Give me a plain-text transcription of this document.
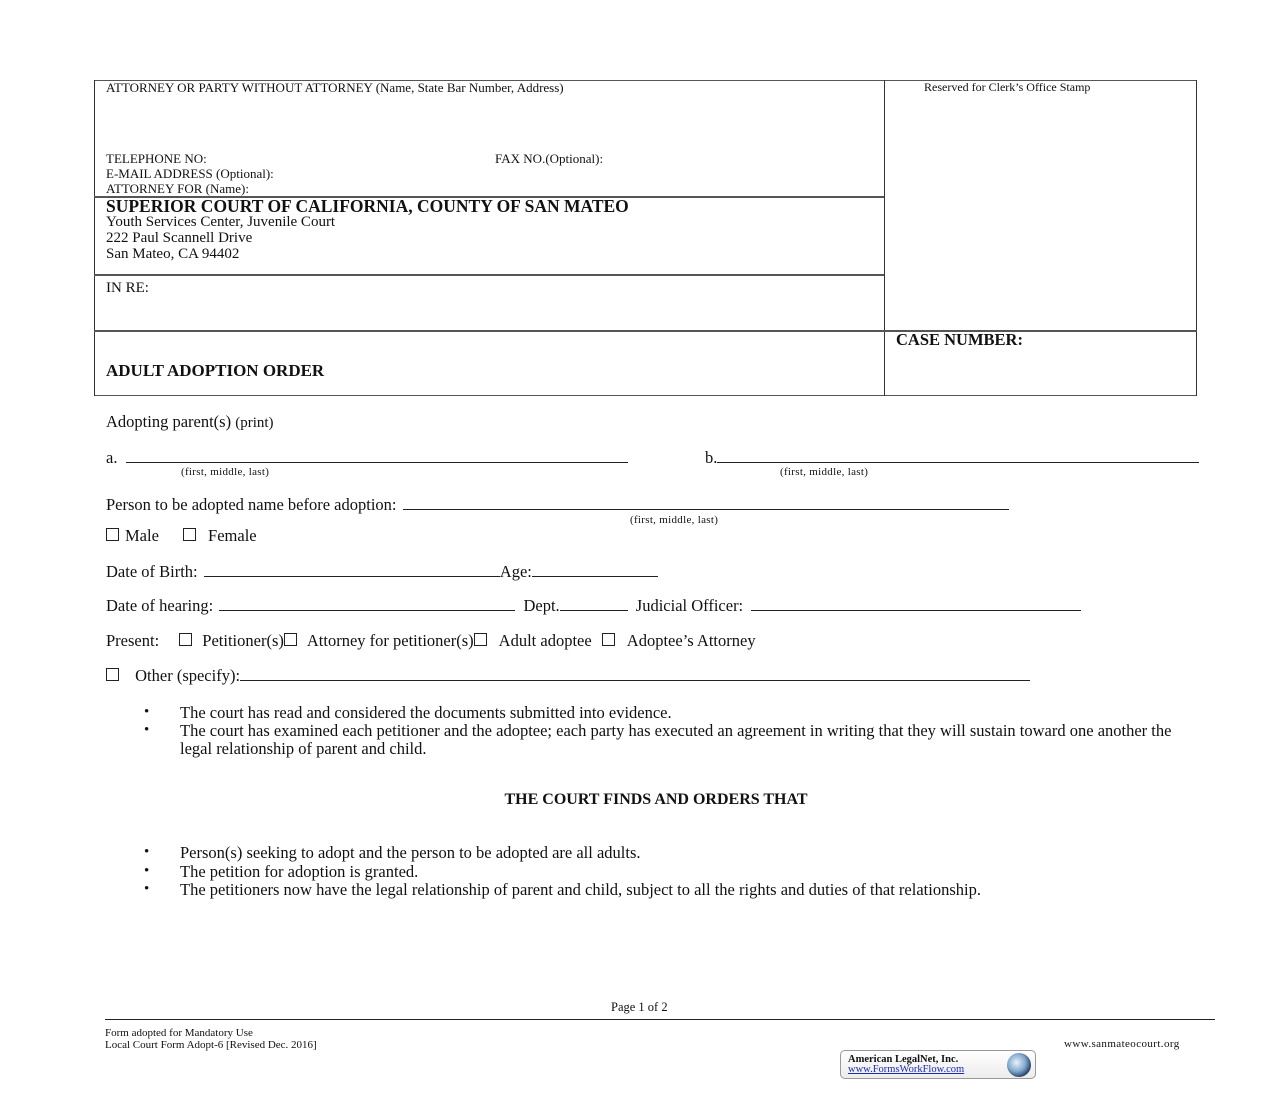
ATTORNEY OR PARTY WITHOUT ATTORNEY (Name, State Bar Number, Address)
TELEPHONE NO:	FAX NO.(Optional):
E-MAIL ADDRESS (Optional):
ATTORNEY FOR (Name):
Reserved for Clerk’s Office Stamp
SUPERIOR COURT OF CALIFORNIA, COUNTY OF SAN MATEO
Youth Services Center, Juvenile Court
222 Paul Scannell Drive
San Mateo, CA 94402
IN RE:
CASE NUMBER:
ADULT ADOPTION ORDER
Adopting parent(s) (print)
a.
(first, middle, last)
b.
(first, middle, last)
Person to be adopted name before adoption:
(first, middle, last)
Male	Female
Date of Birth:	Age:
Date of hearing:	Dept.	Judicial Officer:
Present:	Petitioner(s) Attorney for petitioner(s) Adult adoptee Adoptee’s Attorney
Other (specify):
• The court has read and considered the documents submitted into evidence.
• The court has examined each petitioner and the adoptee; each party has executed an agreement in writing that they will sustain toward one another the legal relationship of parent and child.
THE COURT FINDS AND ORDERS THAT
• Person(s) seeking to adopt and the person to be adopted are all adults.
• The petition for adoption is granted.
• The petitioners now have the legal relationship of parent and child, subject to all the rights and duties of that relationship.
Page 1 of 2
Form adopted for Mandatory Use
Local Court Form Adopt-6 [Revised Dec. 2016]	www.sanmateocourt.org
American LegalNet, Inc.
www.FormsWorkFlow.com
